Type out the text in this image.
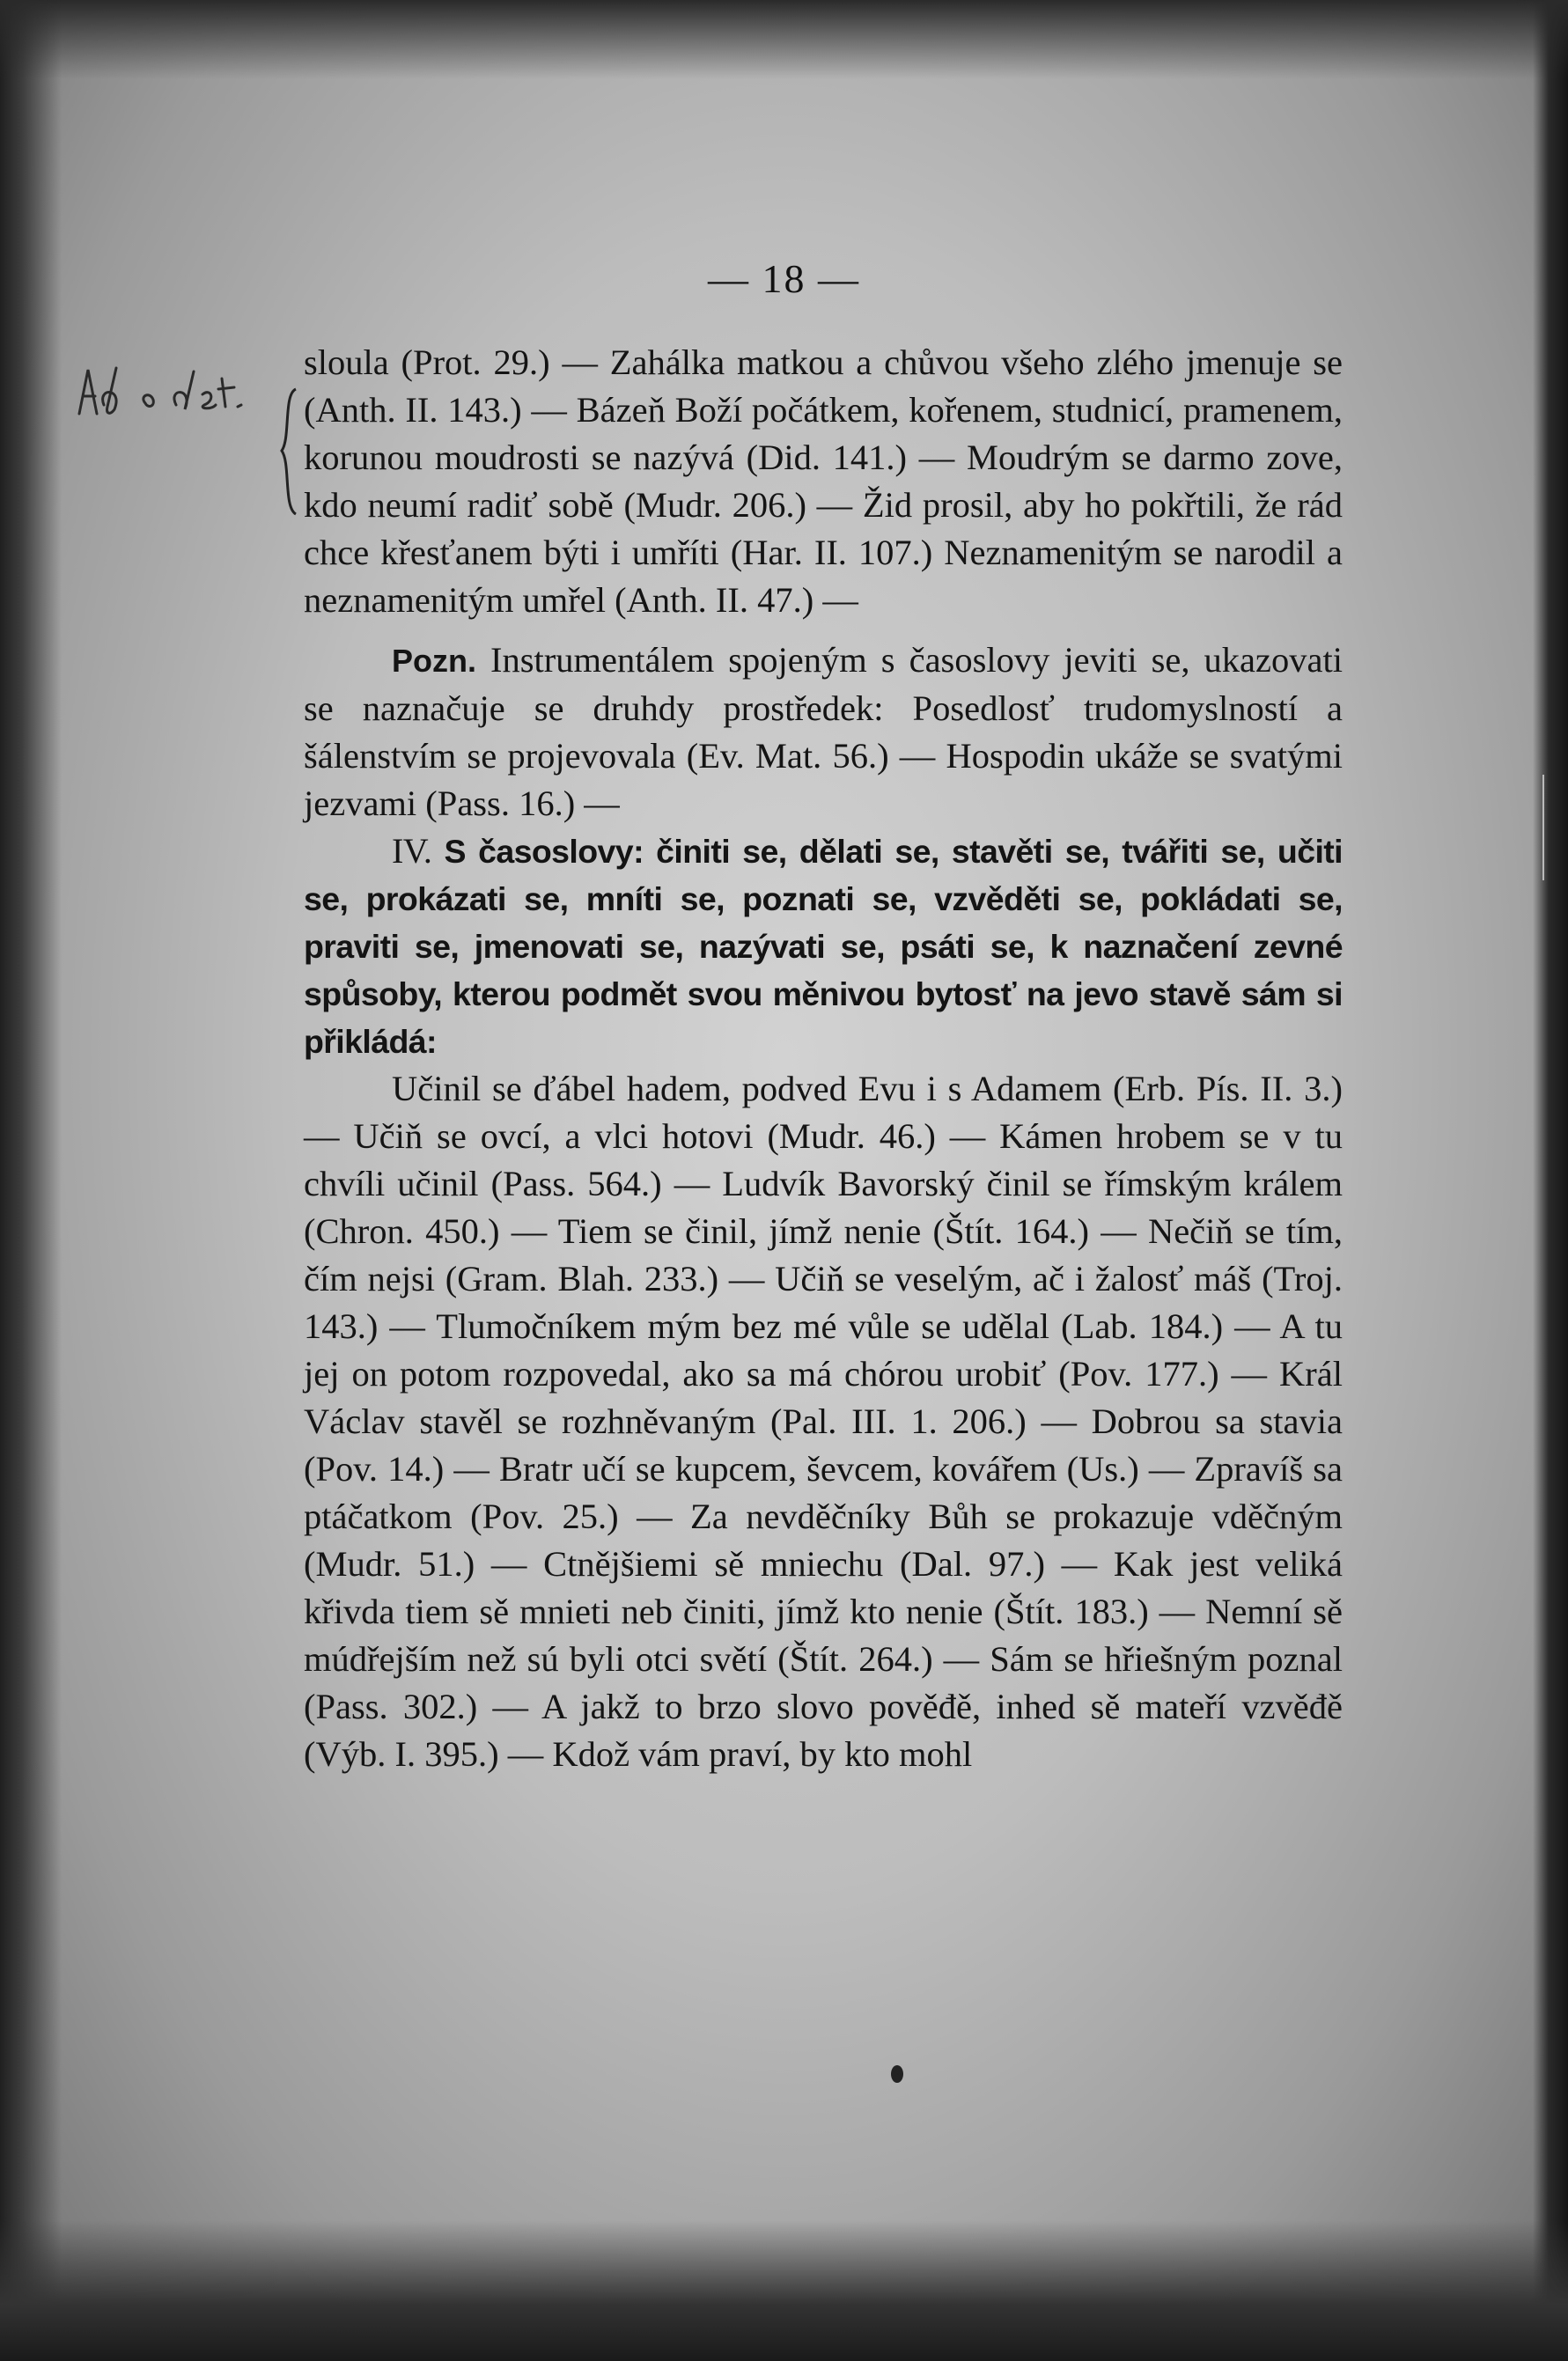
— 18 —

sloula (Prot. 29.) — Zahálka matkou a chůvou všeho zlého jmenuje se (Anth. II. 143.) — Bázeň Boží počátkem, kořenem, studnicí, pramenem, korunou moudrosti se nazývá (Did. 141.) — Moudrým se darmo zove, kdo neumí radiť sobě (Mudr. 206.) — Žid prosil, aby ho pokřtili, že rád chce křesťanem býti i umříti (Har. II. 107.) Neznamenitým se narodil a neznamenitým umřel (Anth. II. 47.) —

Pozn. Instrumentálem spojeným s časoslovy jeviti se, ukazovati se naznačuje se druhdy prostředek: Posedlosť trudomyslností a šálenstvím se projevovala (Ev. Mat. 56.) — Hospodin ukáže se svatými jezvami (Pass. 16.) —

IV. S časoslovy: činiti se, dělati se, stavěti se, tvářiti se, učiti se, prokázati se, mníti se, poznati se, vzvěděti se, pokládati se, praviti se, jmenovati se, nazývati se, psáti se, k naznačení zevné spůsoby, kterou podmět svou měnivou bytosť na jevo stavě sám si přikládá:

Učinil se ďábel hadem, podved Evu i s Adamem (Erb. Pís. II. 3.) — Učiň se ovcí, a vlci hotovi (Mudr. 46.) — Kámen hrobem se v tu chvíli učinil (Pass. 564.) — Ludvík Bavorský činil se římským králem (Chron. 450.) — Tiem se činil, jímž nenie (Štít. 164.) — Nečiň se tím, čím nejsi (Gram. Blah. 233.) — Učiň se veselým, ač i žalosť máš (Troj. 143.) — Tlumočníkem mým bez mé vůle se udělal (Lab. 184.) — A tu jej on potom rozpovedal, ako sa má chórou urobiť (Pov. 177.) — Král Václav stavěl se rozhněvaným (Pal. III. 1. 206.) — Dobrou sa stavia (Pov. 14.) — Bratr učí se kupcem, ševcem, kovářem (Us.) — Zpravíš sa ptáčatkom (Pov. 25.) — Za nevděčníky Bůh se prokazuje vděčným (Mudr. 51.) — Ctnějšiemi sě mniechu (Dal. 97.) — Kak jest veliká křivda tiem sě mnieti neb činiti, jímž kto nenie (Štít. 183.) — Nemní sě múdřejším než sú byli otci světí (Štít. 264.) — Sám se hřiešným poznal (Pass. 302.) — A jakž to brzo slovo pověđě, inhed sě mateří vzvěđě (Výb. I. 395.) — Kdož vám praví, by kto mohl
